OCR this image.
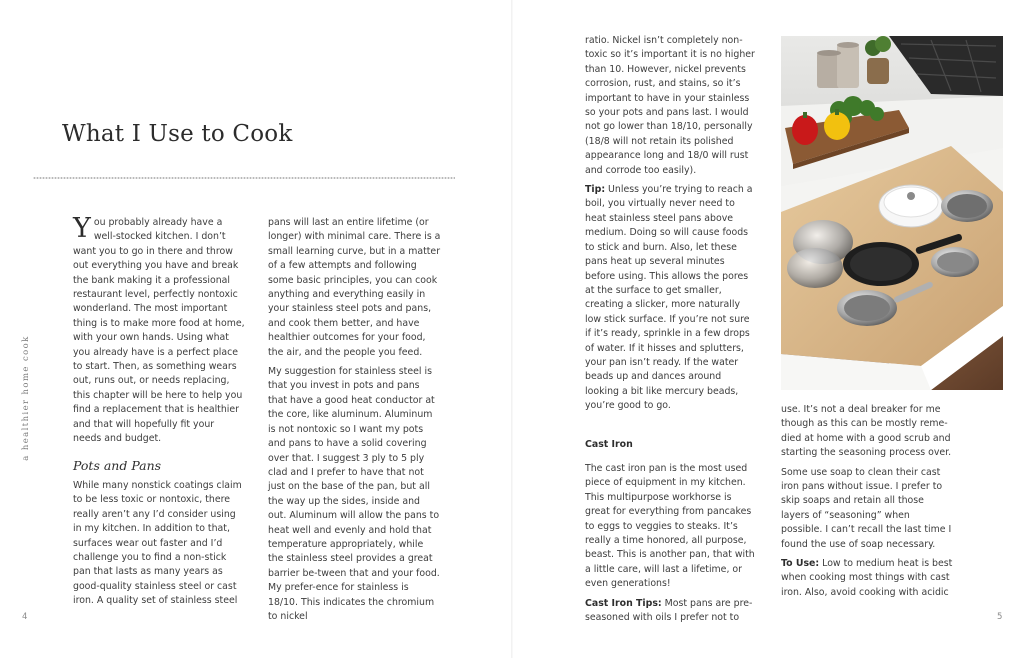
What I Use to Cook
a healthier home cook
4	5

You probably already have a well-stocked kitchen. I don’t want you to go in there and throw out everything you have and break the bank making it a professional restaurant level, perfectly nontoxic wonderland. The most important thing is to make more food at home, with your own hands. Using what you already have is a perfect place to start. Then, as something wears out, runs out, or needs replacing, this chapter will be here to help you find a replacement that is healthier and that will hopefully fit your needs and budget.

Pots and Pans

While many nonstick coatings claim to be less toxic or nontoxic, there really aren’t any I’d consider using in my kitchen. In addition to that, surfaces wear out faster and I’d challenge you to find a non-stick pan that lasts as many years as good-quality stainless steel or cast iron. A quality set of stainless steel

pans will last an entire lifetime (or longer) with minimal care. There is a small learning curve, but in a matter of a few attempts and following some basic principles, you can cook anything and everything easily in your stainless steel pots and pans, and cook them better, and have healthier outcomes for your food, the air, and the people you feed.

My suggestion for stainless steel is that you invest in pots and pans that have a good heat conductor at the core, like aluminum. Aluminum is not nontoxic so I want my pots and pans to have a solid covering over that. I suggest 3 ply to 5 ply clad and I prefer to have that not just on the base of the pan, but all the way up the sides, inside and out. Aluminum will allow the pans to heat well and evenly and hold that temperature appropriately, while the stainless steel provides a great barrier be-tween that and your food. My prefer-ence for stainless is 18/10. This indicates the chromium to nickel

ratio. Nickel isn’t completely non-toxic so it’s important it is no higher than 10. However, nickel prevents corrosion, rust, and stains, so it’s important to have in your stainless so your pots and pans last. I would not go lower than 18/10, personally (18/8 will not retain its polished appearance long and 18/0 will rust and corrode too easily).

Tip: Unless you’re trying to reach a boil, you virtually never need to heat stainless steel pans above medium. Doing so will cause foods to stick and burn. Also, let these pans heat up several minutes before using. This allows the pores at the surface to get smaller, creating a slicker, more naturally low stick surface. If you’re not sure if it’s ready, sprinkle in a few drops of water. If it hisses and splutters, your pan isn’t ready. If the water beads up and dances around looking a bit like mercury beads, you’re good to go.

Cast Iron

The cast iron pan is the most used piece of equipment in my kitchen. This multipurpose workhorse is great for everything from pancakes to eggs to veggies to steaks. It’s really a time honored, all purpose, beast. This is another pan, that with a little care, will last a lifetime, or even generations!

Cast Iron Tips: Most pans are pre-seasoned with oils I prefer not to

use. It’s not a deal breaker for me though as this can be mostly reme-died at home with a good scrub and starting the seasoning process over.

Some use soap to clean their cast iron pans without issue. I prefer to skip soaps and retain all those layers of “seasoning” when possible. I can’t recall the last time I found the use of soap necessary.

To Use: Low to medium heat is best when cooking most things with cast iron. Also, avoid cooking with acidic
